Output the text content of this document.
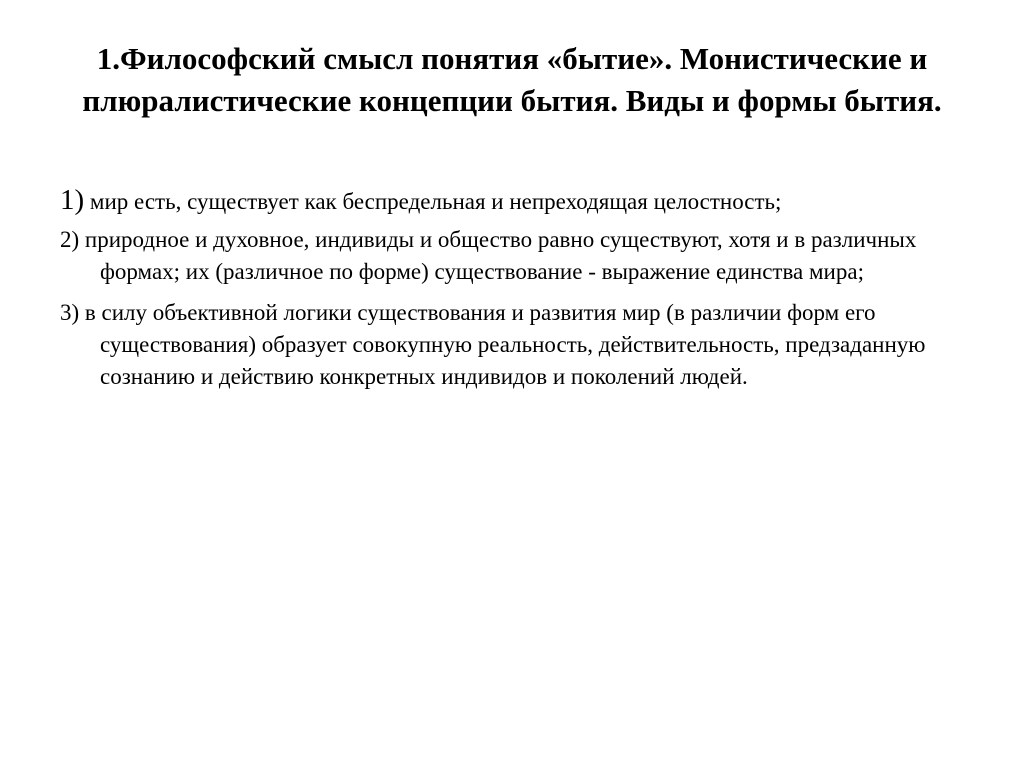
1.Философский смысл понятия «бытие». Монистические и плюралистические концепции бытия. Виды и формы бытия.
1) мир есть, существует как беспредельная и непреходящая целостность;
2) природное и духовное, индивиды и общество равно существуют, хотя и в различных формах; их (различное по форме) существование - выражение единства мира;
3) в силу объективной логики существования и развития мир (в различии форм его существования) образует совокупную реальность, действительность, предзаданную сознанию и действию конкретных индивидов и поколений людей.
